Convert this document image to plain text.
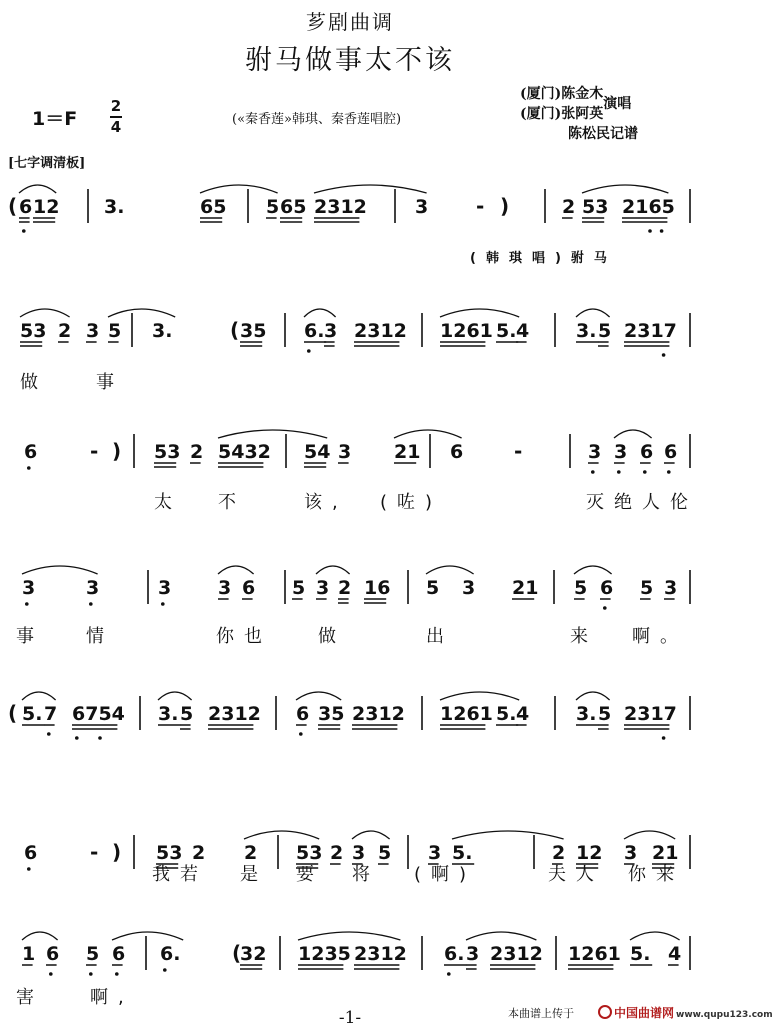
芗剧曲调
驸马做事太不该
1＝F
2
4	(«秦香莲»韩琪、秦香莲唱腔)
(厦门)陈金木演唱
(厦门)张阿英
陈松民记谱
[七字调清板]
( 6 12 3.	65 5 65 2312	3 - )	2 53 2165
(韩琪唱)驸马
53 2 3 5 3.	( 35 6. 3 2312 1261 5. 4 3. 5 2317
做	事
6	- ) 53 2 5432 54 3 21 6	-	3 3 6 6
太 不	该, (咗)	灭绝人伦
3	3	3 3 6 5 3 2 16 5 3 21 5 6 5 3
事 情	你也	做	出	来 啊。
( 5. 7 6754 3. 5 2312 6 35 2312 1261 5. 4 3. 5 2317
6	- ) 53 2 2 53 2 3 5 3 5.	2 12 3 21
我若 是 要 将 (啊)	夫人 你来
1 6 5 6 6.	(
32 1235 2312 6. 3 2312 1261 5. 4
害	啊,
-1-	本曲谱上传于	中国曲谱网 www.qupu123.com
